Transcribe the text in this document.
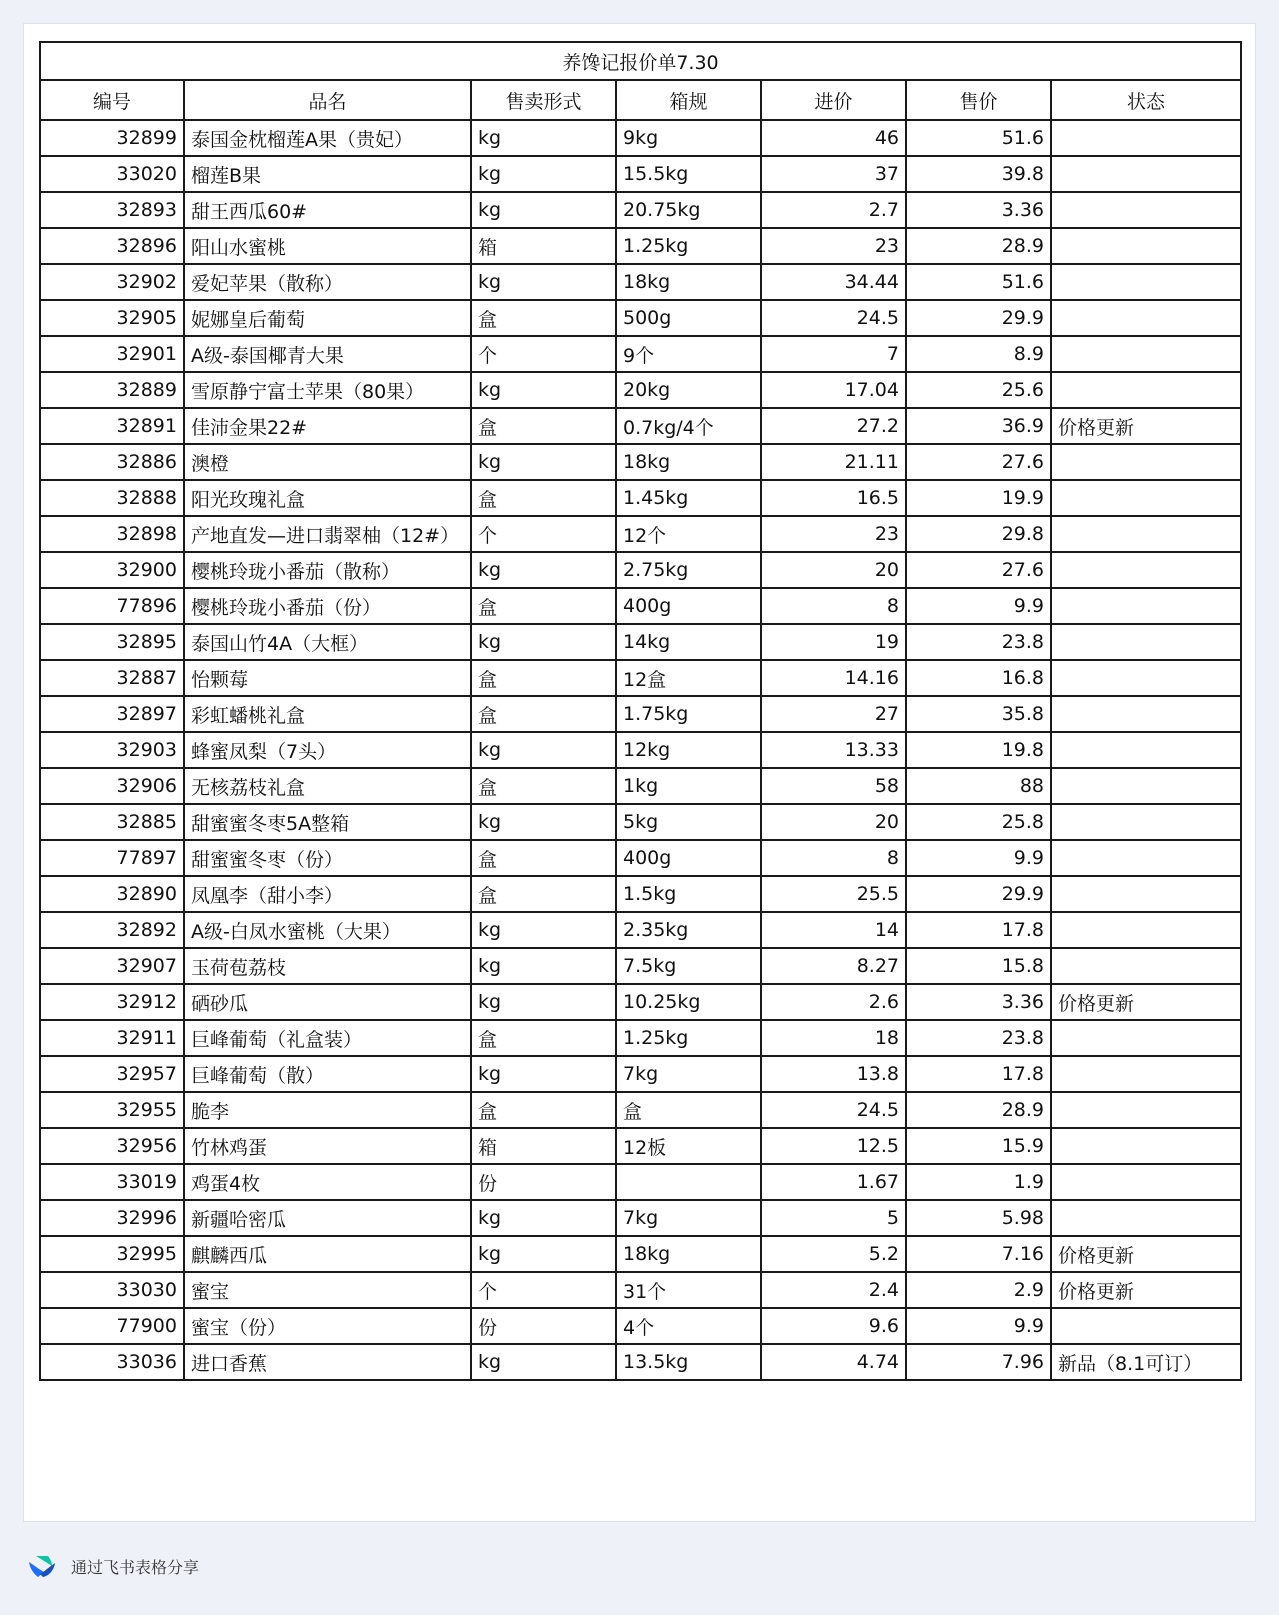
养馋记报价单7.30						
编号	品名	售卖形式	箱规	进价	售价	状态
32899	泰国金枕榴莲A果（贵妃）	kg	9kg	46	51.6	
33020	榴莲B果	kg	15.5kg	37	39.8	
32893	甜王西瓜60#	kg	20.75kg	2.7	3.36	
32896	阳山水蜜桃	箱	1.25kg	23	28.9	
32902	爱妃苹果（散称）	kg	18kg	34.44	51.6	
32905	妮娜皇后葡萄	盒	500g	24.5	29.9	
32901	A级-泰国椰青大果	个	9个	7	8.9	
32889	雪原静宁富士苹果（80果）	kg	20kg	17.04	25.6	
32891	佳沛金果22#	盒	0.7kg/4个	27.2	36.9	价格更新
32886	澳橙	kg	18kg	21.11	27.6	
32888	阳光玫瑰礼盒	盒	1.45kg	16.5	19.9	
32898	产地直发—进口翡翠柚（12#）	个	12个	23	29.8	
32900	樱桃玲珑小番茄（散称）	kg	2.75kg	20	27.6	
77896	樱桃玲珑小番茄（份）	盒	400g	8	9.9	
32895	泰国山竹4A（大框）	kg	14kg	19	23.8	
32887	怡颗莓	盒	12盒	14.16	16.8	
32897	彩虹蟠桃礼盒	盒	1.75kg	27	35.8	
32903	蜂蜜凤梨（7头）	kg	12kg	13.33	19.8	
32906	无核荔枝礼盒	盒	1kg	58	88	
32885	甜蜜蜜冬枣5A整箱	kg	5kg	20	25.8	
77897	甜蜜蜜冬枣（份）	盒	400g	8	9.9	
32890	凤凰李（甜小李）	盒	1.5kg	25.5	29.9	
32892	A级-白凤水蜜桃（大果）	kg	2.35kg	14	17.8	
32907	玉荷苞荔枝	kg	7.5kg	8.27	15.8	
32912	硒砂瓜	kg	10.25kg	2.6	3.36	价格更新
32911	巨峰葡萄（礼盒装）	盒	1.25kg	18	23.8	
32957	巨峰葡萄（散）	kg	7kg	13.8	17.8	
32955	脆李	盒	盒	24.5	28.9	
32956	竹林鸡蛋	箱	12板	12.5	15.9	
33019	鸡蛋4枚	份		1.67	1.9	
32996	新疆哈密瓜	kg	7kg	5	5.98	
32995	麒麟西瓜	kg	18kg	5.2	7.16	价格更新
33030	蜜宝	个	31个	2.4	2.9	价格更新
77900	蜜宝（份）	份	4个	9.6	9.9	
33036	进口香蕉	kg	13.5kg	4.74	7.96	新品（8.1可订）
通过飞书表格分享
